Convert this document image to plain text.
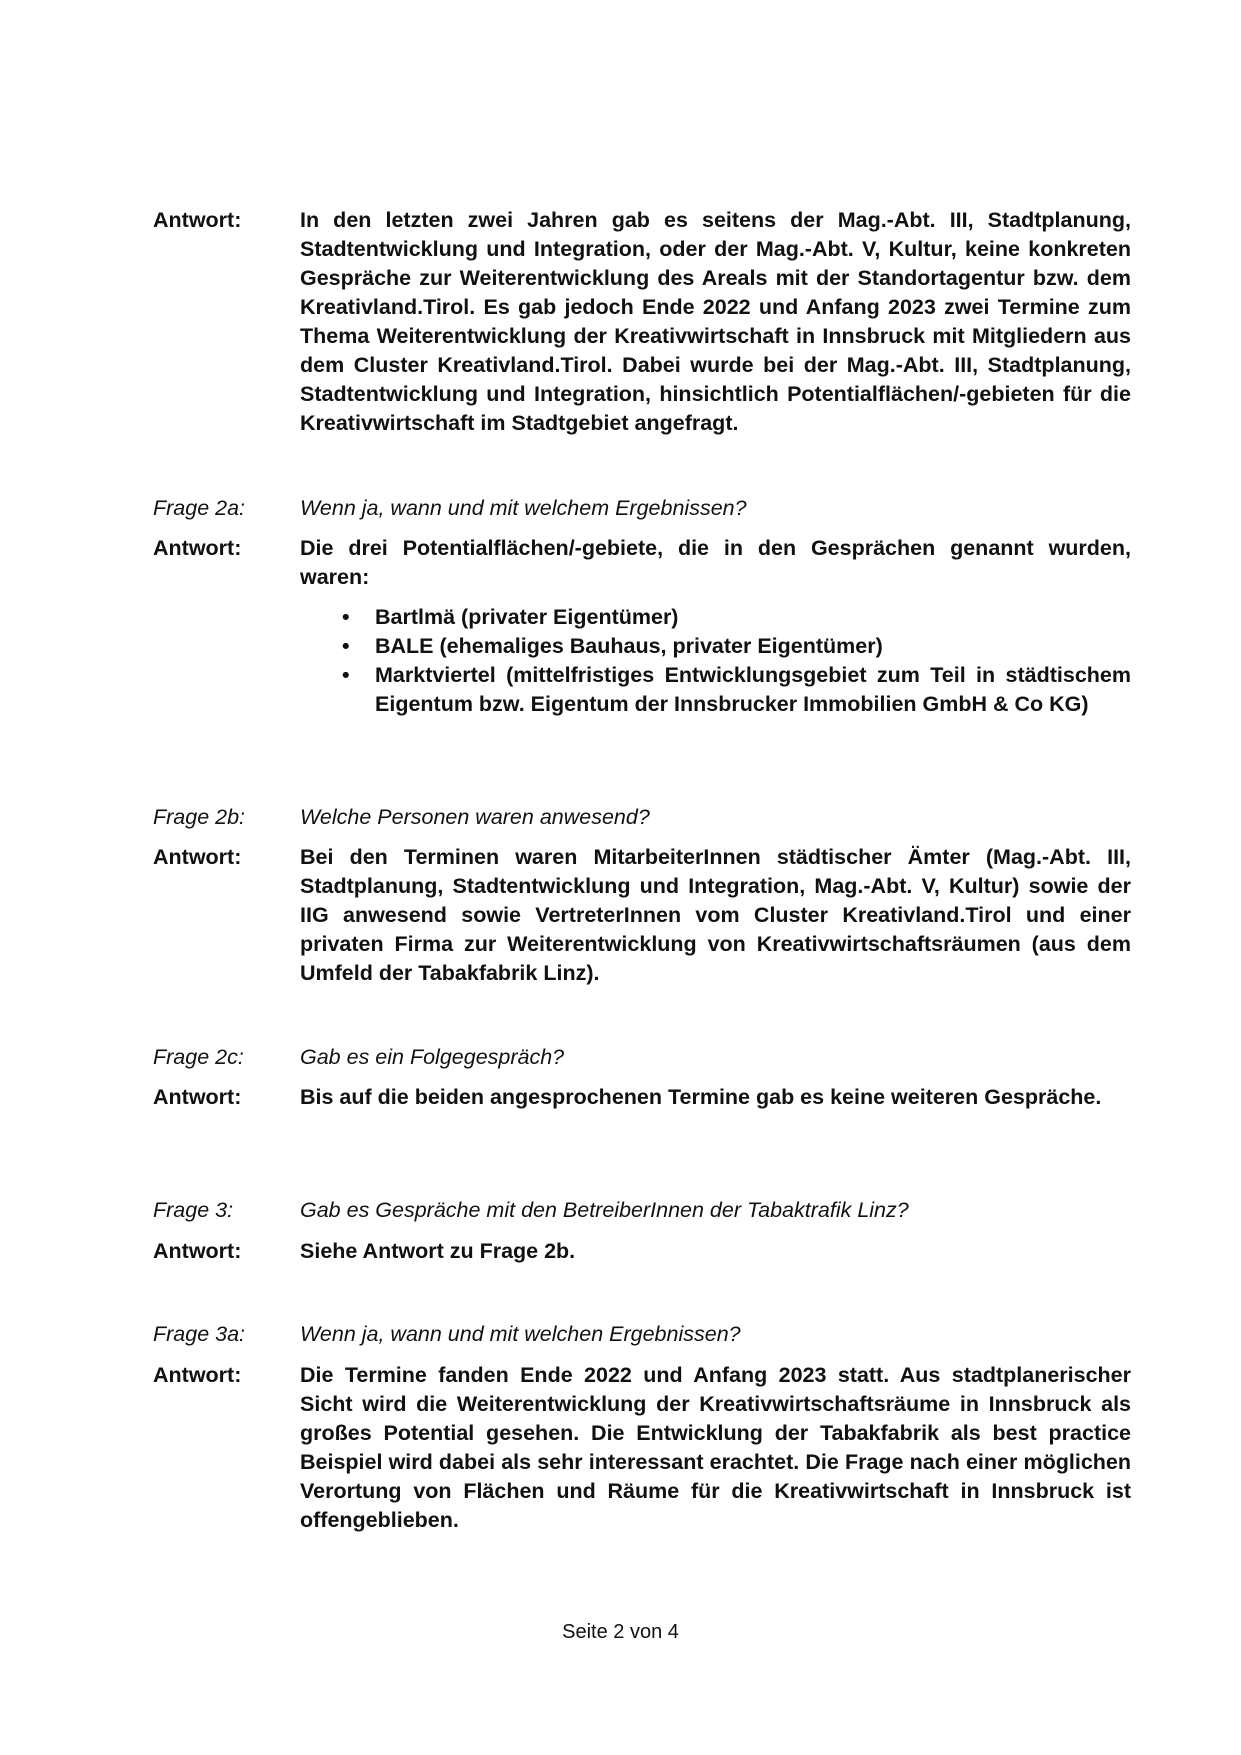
Antwort:	In den letzten zwei Jahren gab es seitens der Mag.-Abt. III, Stadtplanung, Stadtentwicklung und Integration, oder der Mag.-Abt. V, Kultur, keine konkreten Gespräche zur Weiterentwicklung des Areals mit der Standortagentur bzw. dem Kreativland.Tirol. Es gab jedoch Ende 2022 und Anfang 2023 zwei Termine zum Thema Weiterentwicklung der Kreativwirtschaft in Innsbruck mit Mitgliedern aus dem Cluster Kreativland.Tirol. Dabei wurde bei der Mag.-Abt. III, Stadtplanung, Stadtentwicklung und Integration, hinsichtlich Potentialflächen/-gebieten für die Kreativwirtschaft im Stadtgebiet angefragt.
Frage 2a:	Wenn ja, wann und mit welchem Ergebnissen?
Antwort:	Die drei Potentialflächen/-gebiete, die in den Gesprächen genannt wurden, waren:
• Bartlmä (privater Eigentümer)
• BALE (ehemaliges Bauhaus, privater Eigentümer)
• Marktviertel (mittelfristiges Entwicklungsgebiet zum Teil in städtischem Eigentum bzw. Eigentum der Innsbrucker Immobilien GmbH & Co KG)
Frage 2b:	Welche Personen waren anwesend?
Antwort:	Bei den Terminen waren MitarbeiterInnen städtischer Ämter (Mag.-Abt. III, Stadtplanung, Stadtentwicklung und Integration, Mag.-Abt. V, Kultur) sowie der IIG anwesend sowie VertreterInnen vom Cluster Kreativland.Tirol und einer privaten Firma zur Weiterentwicklung von Kreativwirtschaftsräumen (aus dem Umfeld der Tabakfabrik Linz).
Frage 2c:	Gab es ein Folgegespräch?
Antwort:	Bis auf die beiden angesprochenen Termine gab es keine weiteren Gespräche.
Frage 3:	Gab es Gespräche mit den BetreiberInnen der Tabaktrafik Linz?
Antwort:	Siehe Antwort zu Frage 2b.
Frage 3a:	Wenn ja, wann und mit welchen Ergebnissen?
Antwort:	Die Termine fanden Ende 2022 und Anfang 2023 statt. Aus stadtplanerischer Sicht wird die Weiterentwicklung der Kreativwirtschaftsräume in Innsbruck als großes Potential gesehen. Die Entwicklung der Tabakfabrik als best practice Beispiel wird dabei als sehr interessant erachtet. Die Frage nach einer möglichen Verortung von Flächen und Räume für die Kreativwirtschaft in Innsbruck ist offengeblieben.
Seite 2 von 4
